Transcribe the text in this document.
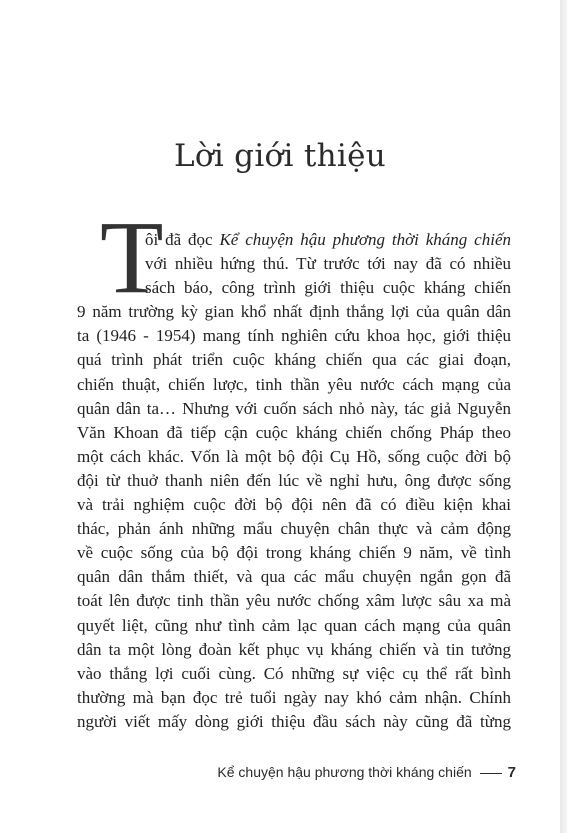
Lời giới thiệu
T
ôi đã đọc Kể chuyện hậu phương thời kháng chiến
với nhiều hứng thú. Từ trước tới nay đã có nhiều
sách báo, công trình giới thiệu cuộc kháng chiến
9 năm trường kỳ gian khổ nhất định thắng lợi của quân dân
ta (1946 - 1954) mang tính nghiên cứu khoa học, giới thiệu
quá trình phát triển cuộc kháng chiến qua các giai đoạn,
chiến thuật, chiến lược, tinh thần yêu nước cách mạng của
quân dân ta… Nhưng với cuốn sách nhỏ này, tác giả Nguyễn
Văn Khoan đã tiếp cận cuộc kháng chiến chống Pháp theo
một cách khác. Vốn là một bộ đội Cụ Hồ, sống cuộc đời bộ
đội từ thuở thanh niên đến lúc về nghỉ hưu, ông được sống
và trải nghiệm cuộc đời bộ đội nên đã có điều kiện khai
thác, phản ánh những mẩu chuyện chân thực và cảm động
về cuộc sống của bộ đội trong kháng chiến 9 năm, về tình
quân dân thắm thiết, và qua các mẩu chuyện ngắn gọn đã
toát lên được tinh thần yêu nước chống xâm lược sâu xa mà
quyết liệt, cũng như tình cảm lạc quan cách mạng của quân
dân ta một lòng đoàn kết phục vụ kháng chiến và tin tưởng
vào thắng lợi cuối cùng. Có những sự việc cụ thể rất bình
thường mà bạn đọc trẻ tuổi ngày nay khó cảm nhận. Chính
người viết mấy dòng giới thiệu đầu sách này cũng đã từng
Kể chuyện hậu phương thời kháng chiến 7
